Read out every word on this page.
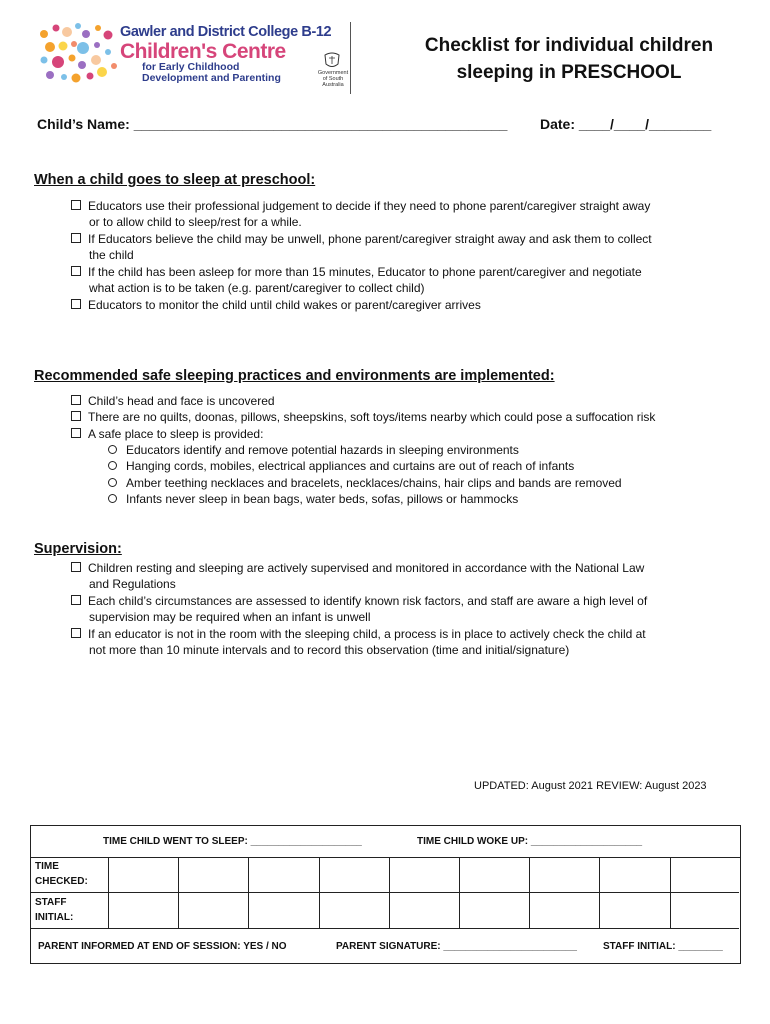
Gawler and District College B-12
Children's Centre
for Early Childhood
Development and Parenting	Government
of South Australia
Checklist for individual children
sleeping in PRESCHOOL
Child’s Name: ________________________________________________ Date: ____/____/________
When a child goes to sleep at preschool:
Educators use their professional judgement to decide if they need to phone parent/caregiver straight away
or to allow child to sleep/rest for a while.
If Educators believe the child may be unwell, phone parent/caregiver straight away and ask them to collect
the child
If the child has been asleep for more than 15 minutes, Educator to phone parent/caregiver and negotiate
what action is to be taken (e.g. parent/caregiver to collect child)
Educators to monitor the child until child wakes or parent/caregiver arrives
Recommended safe sleeping practices and environments are implemented:
Child’s head and face is uncovered
There are no quilts, doonas, pillows, sheepskins, soft toys/items nearby which could pose a suffocation risk
A safe place to sleep is provided:
Educators identify and remove potential hazards in sleeping environments
Hanging cords, mobiles, electrical appliances and curtains are out of reach of infants
Amber teething necklaces and bracelets, necklaces/chains, hair clips and bands are removed
Infants never sleep in bean bags, water beds, sofas, pillows or hammocks
Supervision:
Children resting and sleeping are actively supervised and monitored in accordance with the National Law
and Regulations
Each child’s circumstances are assessed to identify known risk factors, and staff are aware a high level of
supervision may be required when an infant is unwell
If an educator is not in the room with the sleeping child, a process is in place to actively check the child at
not more than 10 minute intervals and to record this observation (time and initial/signature)
UPDATED: August 2021 REVIEW: August 2023
TIME CHILD WENT TO SLEEP: ____________________	TIME CHILD WOKE UP: ____________________
TIME
CHECKED:
STAFF
INITIAL:
PARENT INFORMED AT END OF SESSION: YES / NO	PARENT SIGNATURE: ________________________	STAFF INITIAL: ________
